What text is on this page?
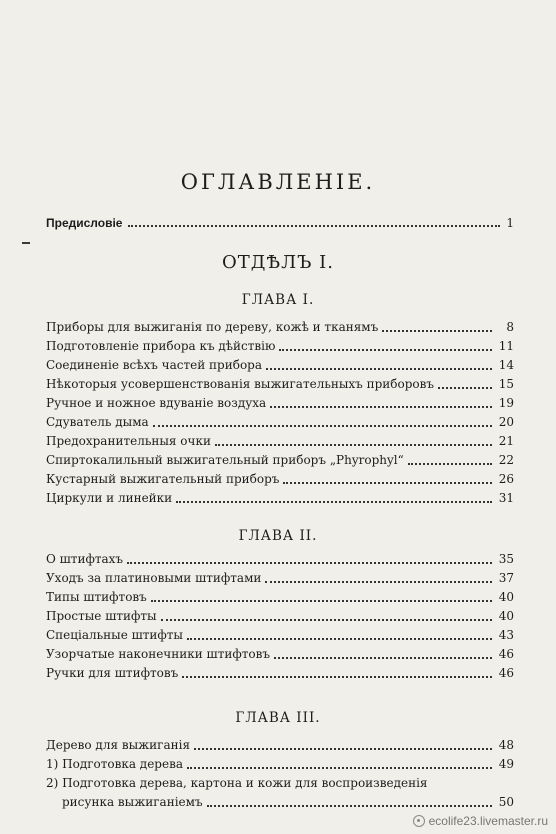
ОГЛАВЛЕНІЕ.
Предисловіе	1
ОТДѢЛЪ I.
ГЛАВА I.
Приборы для выжиганія по дереву, кожѣ и тканямъ	8
Подготовленіе прибора къ дѣйствію	11
Соединеніе всѣхъ частей прибора	14
Нѣкоторыя усовершенствованія выжигательныхъ приборовъ	15
Ручное и ножное вдуваніе воздуха	19
Сдуватель дыма	20
Предохранительныя очки	21
Спиртокалильный выжигательный приборъ „Phyrophyl“	22
Кустарный выжигательный приборъ	26
Циркули и линейки	31
ГЛАВА II.
О штифтахъ	35
Уходъ за платиновыми штифтами	37
Типы штифтовъ	40
Простые штифты	40
Спеціальные штифты	43
Узорчатые наконечники штифтовъ	46
Ручки для штифтовъ	46
ГЛАВА III.
Дерево для выжиганія	48
1) Подготовка дерева	49
2) Подготовка дерева, картона и кожи для воспроизведенія
рисунка выжиганіемъ	50
ecolife23.livemaster.ru
